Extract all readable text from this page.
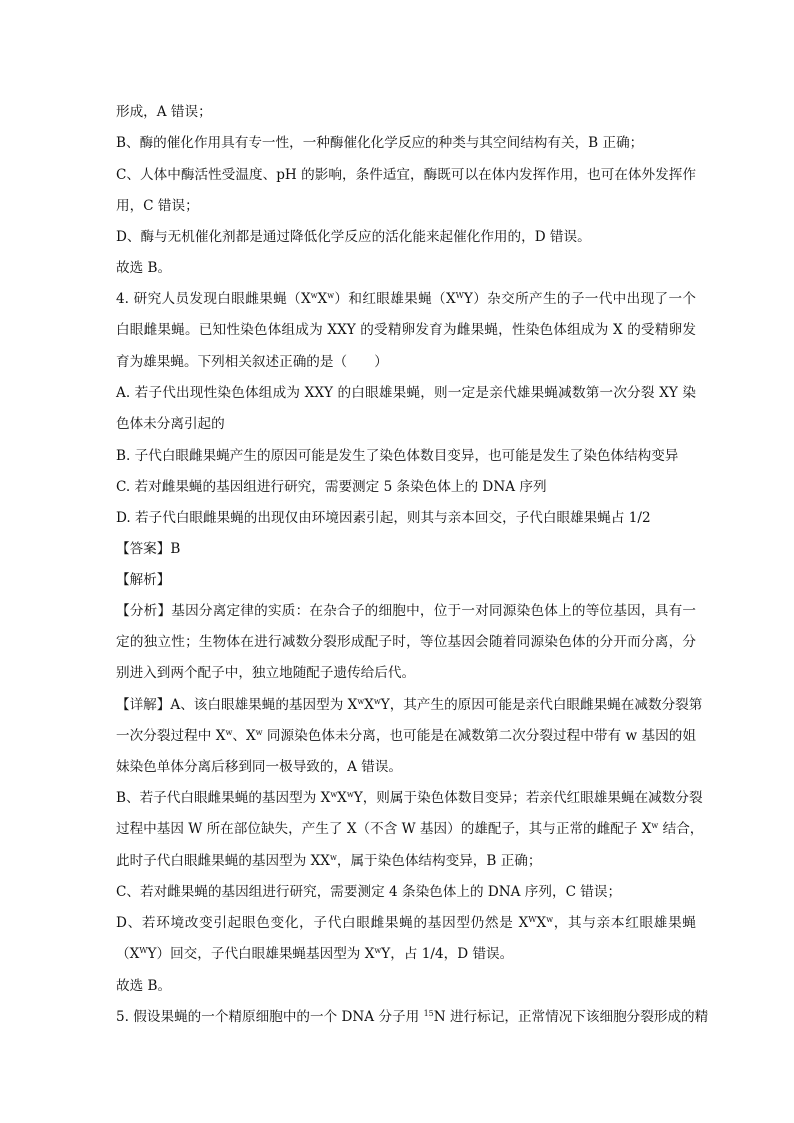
形成，A 错误；
B、酶的催化作用具有专一性，一种酶催化化学反应的种类与其空间结构有关，B 正确；
C、人体中酶活性受温度、pH 的影响，条件适宜，酶既可以在体内发挥作用，也可在体外发挥作
用，C 错误；
D、酶与无机催化剂都是通过降低化学反应的活化能来起催化作用的，D 错误。
故选 B。
4. 研究人员发现白眼雌果蝇$(X^wX^w)$和红眼雄果蝇$(X^WY)$杂交所产生的子一代中出现了一个
白眼雌果蝇。已知性染色体组成为 XXY 的受精卵发育为雌果蝇，性染色体组成为 X 的受精卵发
育为雄果蝇。下列相关叙述正确的是（　　）
A. 若子代出现性染色体组成为 XXY 的白眼雄果蝇，则一定是亲代雄果蝇减数第一次分裂 XY 染
色体未分离引起的
B. 子代白眼雌果蝇产生的原因可能是发生了染色体数目变异，也可能是发生了染色体结构变异
C. 若对雌果蝇的基因组进行研究，需要测定 5 条染色体上的 DNA 序列
D. 若子代白眼雌果蝇的出现仅由环境因素引起，则其与亲本回交，子代白眼雄果蝇占 1/2
【答案】B
【解析】
【分析】基因分离定律的实质：在杂合子的细胞中，位于一对同源染色体上的等位基因，具有一
定的独立性；生物体在进行减数分裂形成配子时，等位基因会随着同源染色体的分开而分离，分
别进入到两个配子中，独立地随配子遗传给后代。
【详解】A、该白眼雄果蝇的基因型为 $X^wX^wY$，其产生的原因可能是亲代白眼雌果蝇在减数分裂第
一次分裂过程中 $X^w$、$X^w$ 同源染色体未分离，也可能是在减数第二次分裂过程中带有 w 基因的姐
妹染色单体分离后移到同一极导致的，A 错误。
B、若子代白眼雌果蝇的基因型为 $X^wX^wY$，则属于染色体数目变异；若亲代红眼雄果蝇在减数分裂
过程中基因 W 所在部位缺失，产生了 X（不含 W 基因）的雄配子，其与正常的雌配子 $X^w$ 结合，
此时子代白眼雌果蝇的基因型为 $XX^w$，属于染色体结构变异，B 正确；
C、若对雌果蝇的基因组进行研究，需要测定 4 条染色体上的 DNA 序列，C 错误；
D、若环境改变引起眼色变化，子代白眼雌果蝇的基因型仍然是 $X^WX^w$，其与亲本红眼雄果蝇
$(X^WY)$回交，子代白眼雄果蝇基因型为 $X^wY$，占 1/4，D 错误。
故选 B。
5. 假设果蝇的一个精原细胞中的一个 DNA 分子用 $^{15}$N 进行标记，正常情况下该细胞分裂形成的精
